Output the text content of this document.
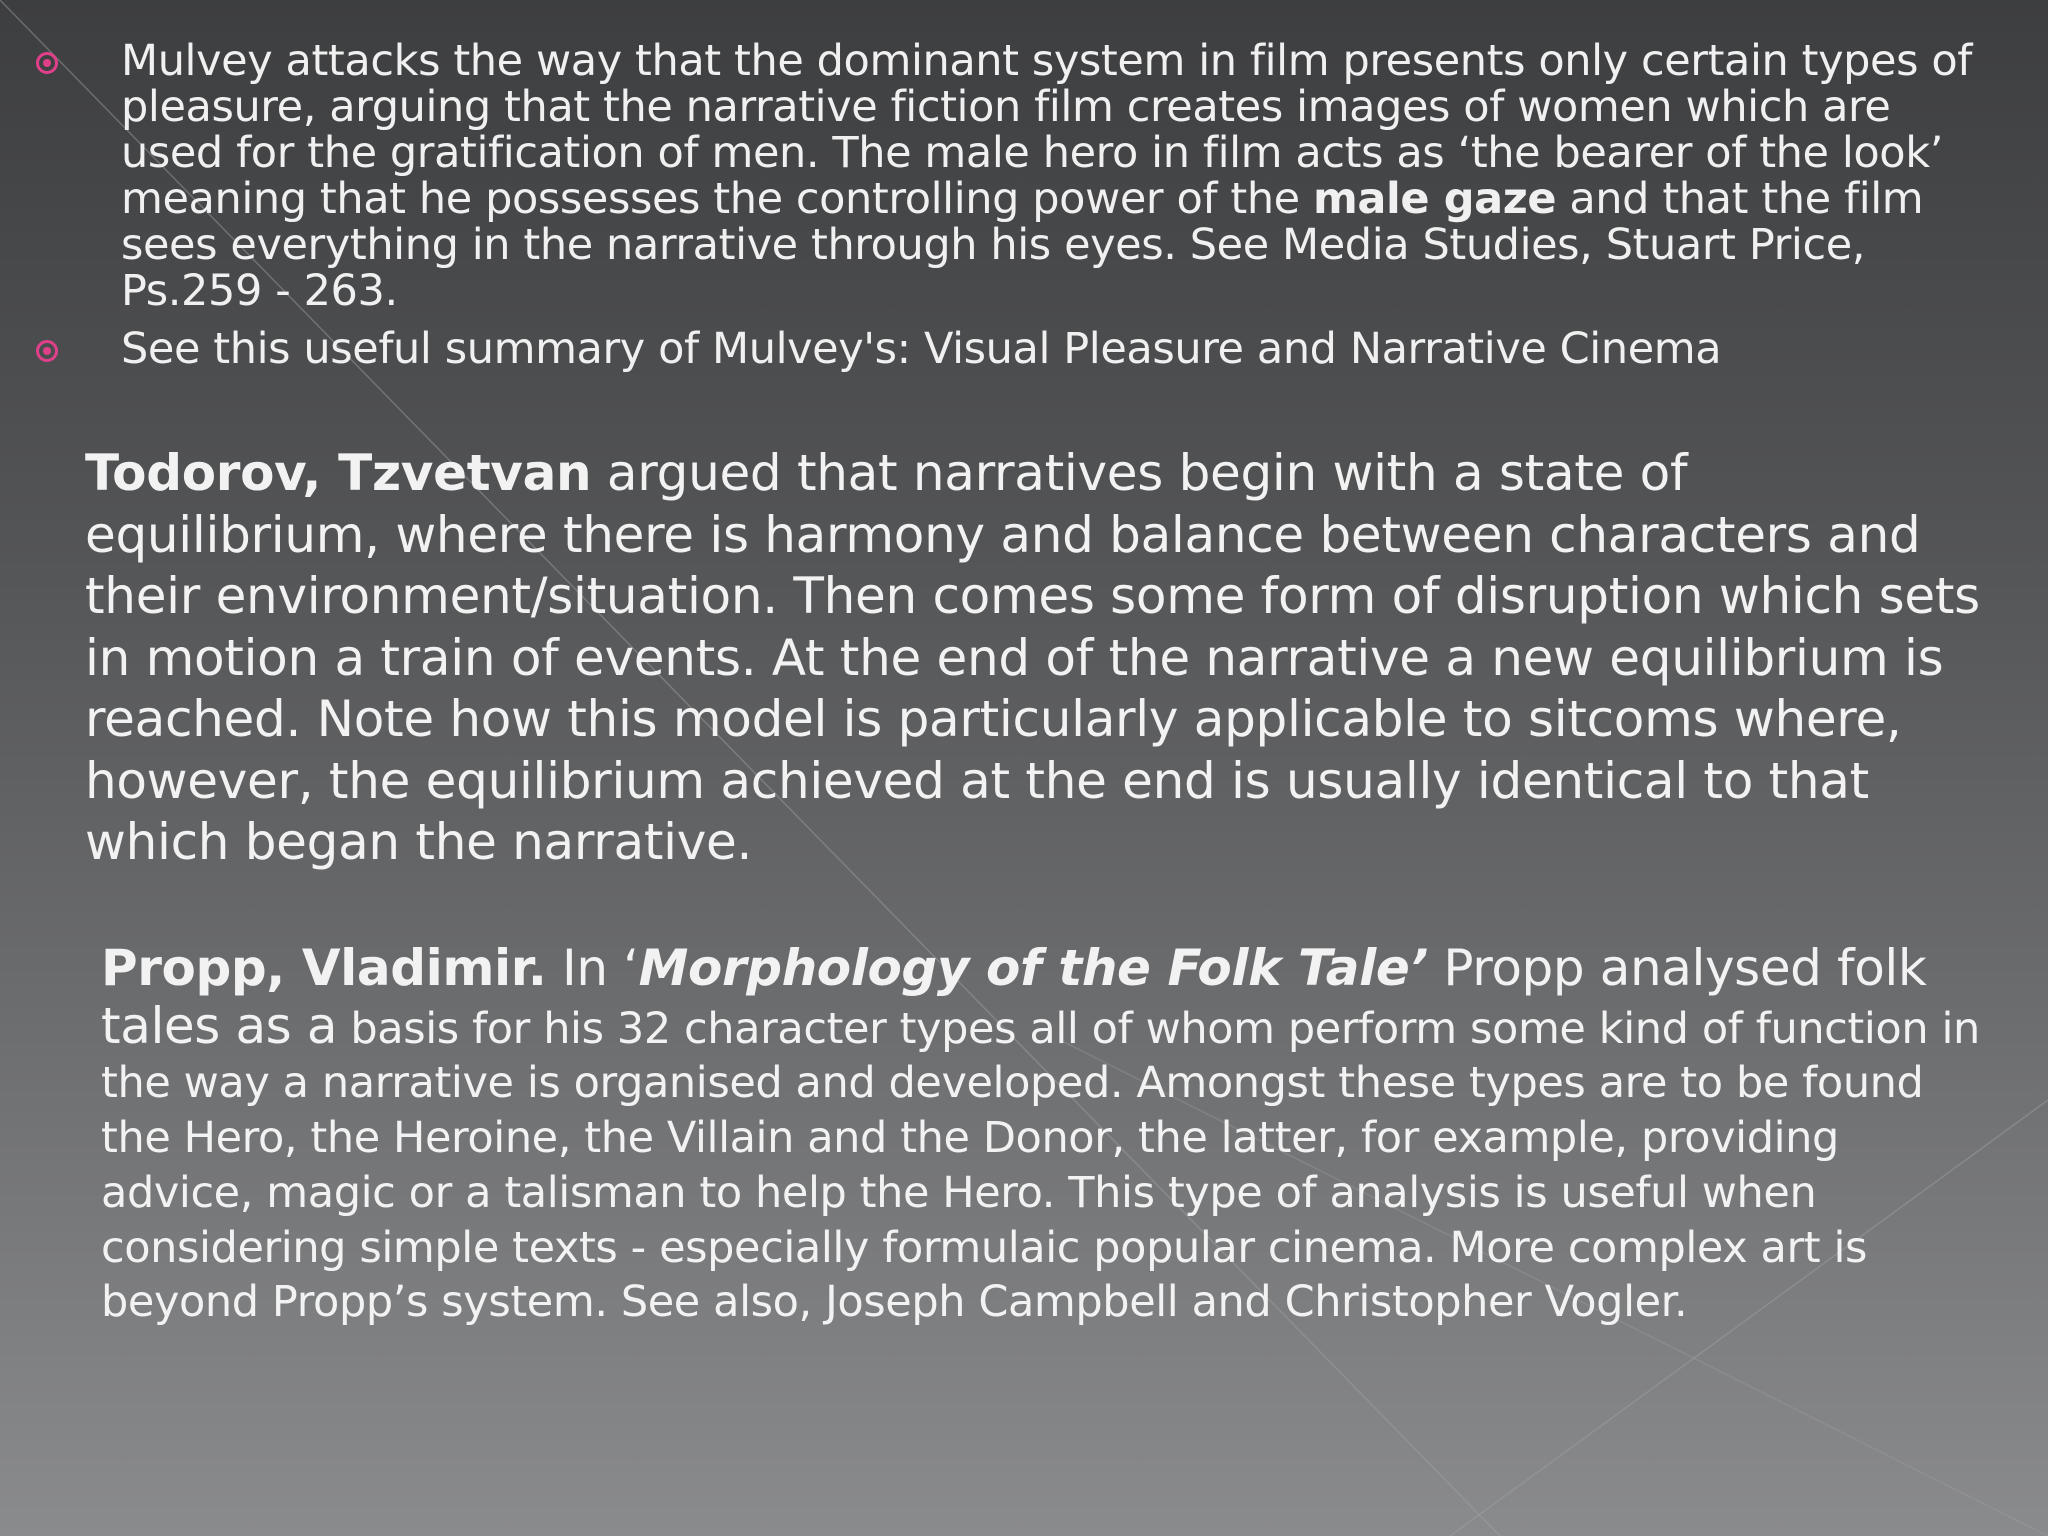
Mulvey attacks the way that the dominant system in film presents only certain types of pleasure, arguing that the narrative fiction film creates images of women which are used for the gratification of men. The male hero in film acts as ‘the bearer of the look’ meaning that he possesses the controlling power of the male gaze and that the film sees everything in the narrative through his eyes. See Media Studies, Stuart Price, Ps.259 - 263.
See this useful summary of Mulvey's: Visual Pleasure and Narrative Cinema
Todorov, Tzvetvan argued that narratives begin with a state of equilibrium, where there is harmony and balance between characters and their environment/situation. Then comes some form of disruption which sets in motion a train of events. At the end of the narrative a new equilibrium is reached. Note how this model is particularly applicable to sitcoms where, however, the equilibrium achieved at the end is usually identical to that which began the narrative.
Propp, Vladimir. In ‘Morphology of the Folk Tale’ Propp analysed folk
tales as a basis for his 32 character types all of whom perform some kind of function in the way a narrative is organised and developed. Amongst these types are to be found the Hero, the Heroine, the Villain and the Donor, the latter, for example, providing advice, magic or a talisman to help the Hero. This type of analysis is useful when considering simple texts - especially formulaic popular cinema. More complex art is beyond Propp’s system. See also, Joseph Campbell and Christopher Vogler.
